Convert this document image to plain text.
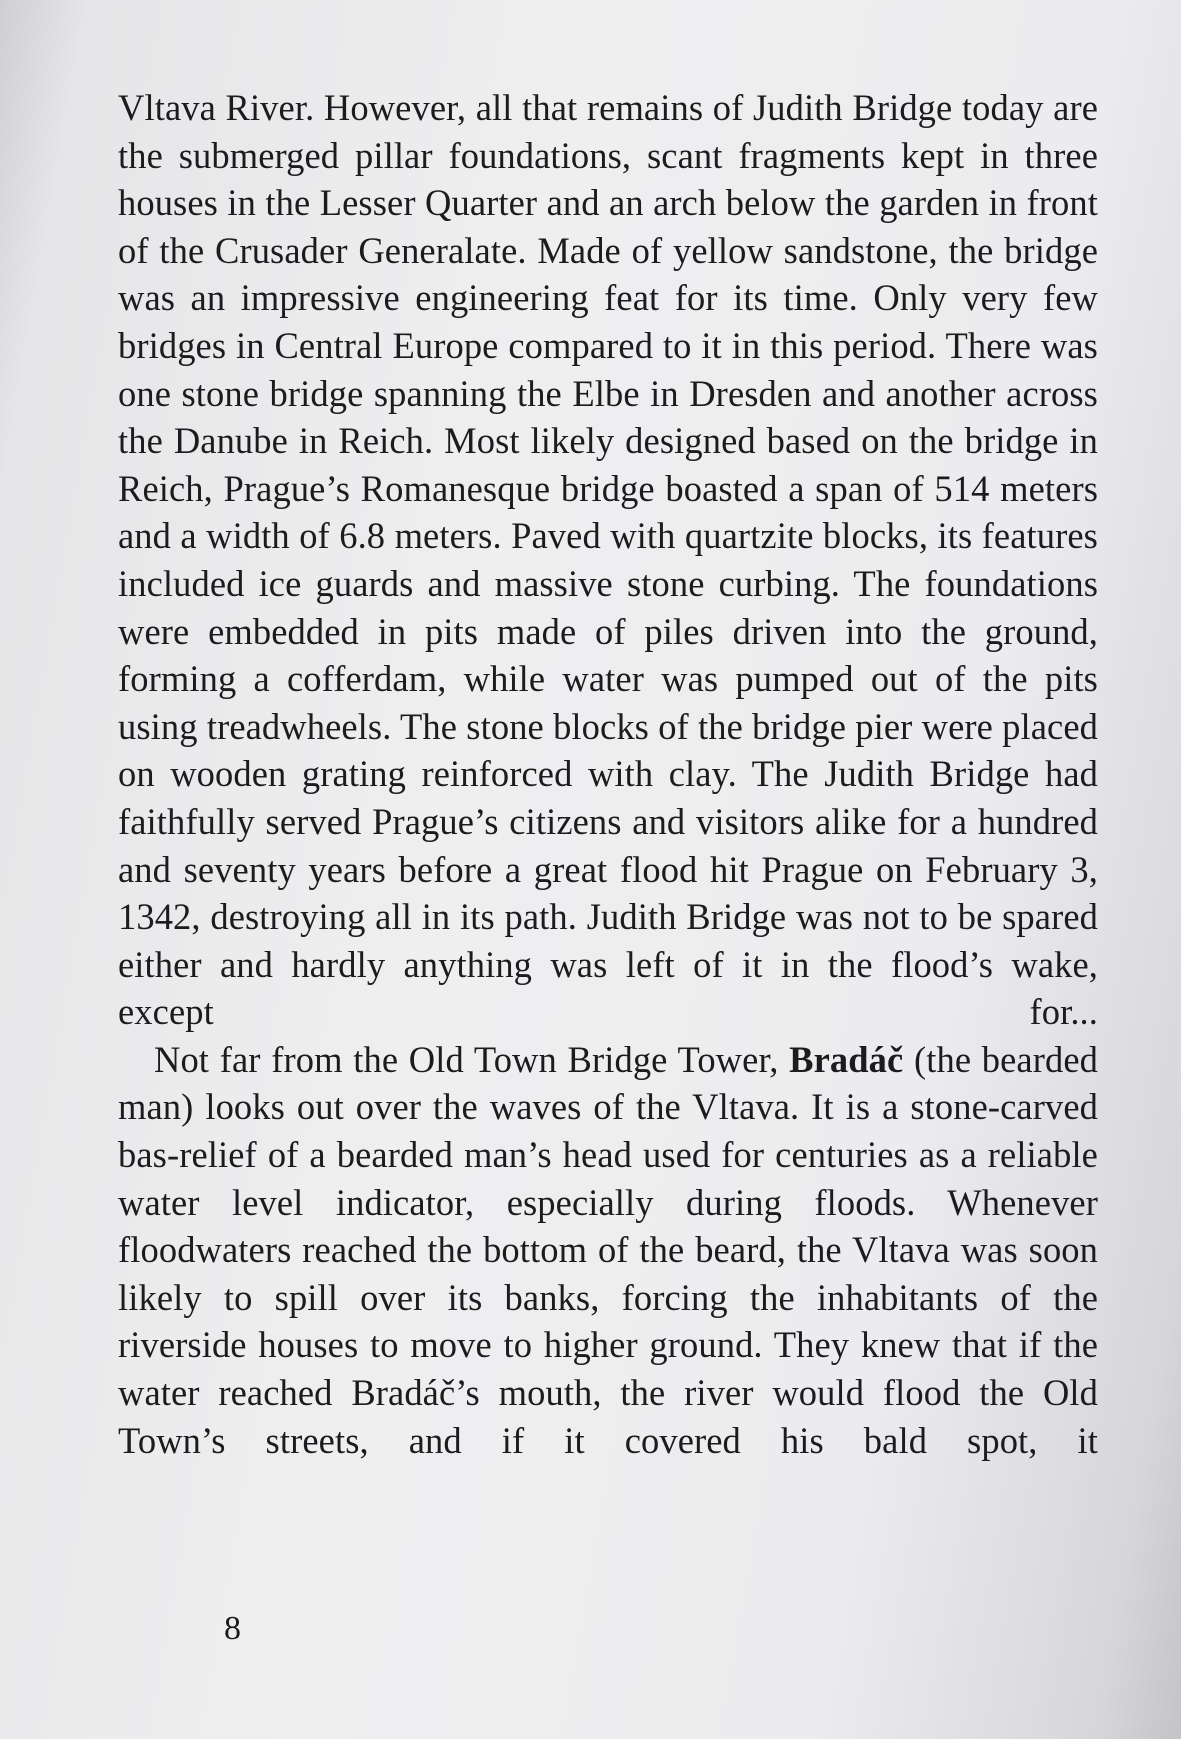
Vltava River. However, all that remains of Judith Bridge today are the submerged pillar foundations, scant fragments kept in three houses in the Lesser Quarter and an arch below the garden in front of the Crusader Generalate. Made of yellow sandstone, the bridge was an impressive engineering feat for its time. Only very few bridges in Central Europe compared to it in this period. There was one stone bridge spanning the Elbe in Dresden and another across the Danube in Reich. Most likely designed based on the bridge in Reich, Prague’s Romanesque bridge boasted a span of 514 meters and a width of 6.8 meters. Paved with quartzite blocks, its features included ice guards and massive stone curbing. The foundations were embedded in pits made of piles driven into the ground, forming a cofferdam, while water was pumped out of the pits using treadwheels. The stone blocks of the bridge pier were placed on wooden grating reinforced with clay. The Judith Bridge had faithfully served Prague’s citizens and visitors alike for a hundred and seventy years before a great flood hit Prague on February 3, 1342, destroying all in its path. Judith Bridge was not to be spared either and hardly anything was left of it in the flood’s wake, except for...

Not far from the Old Town Bridge Tower, Bradáč (the bearded man) looks out over the waves of the Vltava. It is a stone-carved bas-relief of a bearded man’s head used for centuries as a reliable water level indicator, especially during floods. Whenever floodwaters reached the bottom of the beard, the Vltava was soon likely to spill over its banks, forcing the inhabitants of the riverside houses to move to higher ground. They knew that if the water reached Bradáč’s mouth, the river would flood the Old Town’s streets, and if it covered his bald spot, it

8
